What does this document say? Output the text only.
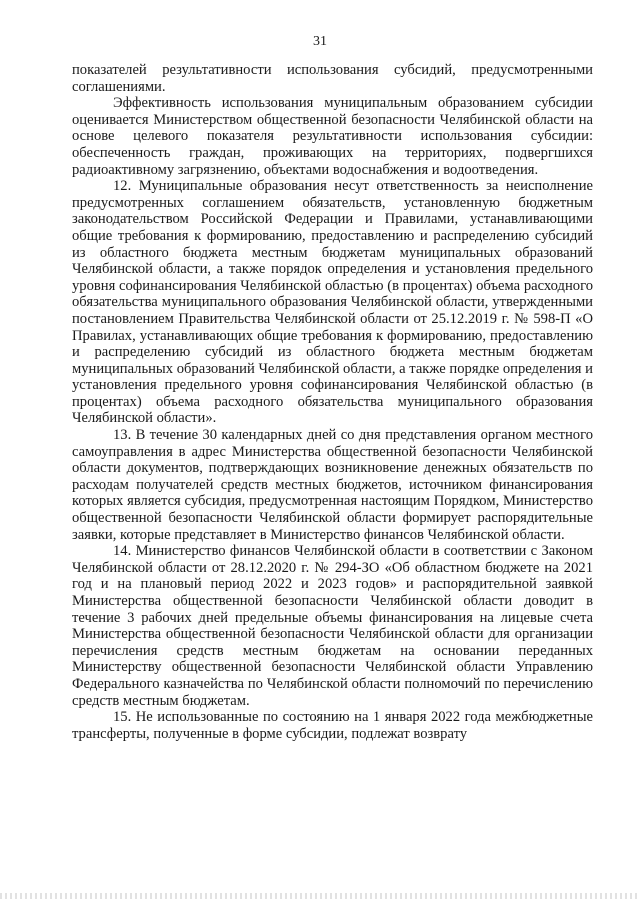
31

показателей результативности использования субсидий, предусмотренными соглашениями.

Эффективность использования муниципальным образованием субсидии оценивается Министерством общественной безопасности Челябинской области на основе целевого показателя результативности использования субсидии: обеспеченность граждан, проживающих на территориях, подвергшихся радиоактивному загрязнению, объектами водоснабжения и водоотведения.

12. Муниципальные образования несут ответственность за неисполнение предусмотренных соглашением обязательств, установленную бюджетным законодательством Российской Федерации и Правилами, устанавливающими общие требования к формированию, предоставлению и распределению субсидий из областного бюджета местным бюджетам муниципальных образований Челябинской области, а также порядок определения и установления предельного уровня софинансирования Челябинской областью (в процентах) объема расходного обязательства муниципального образования Челябинской области, утвержденными постановлением Правительства Челябинской области от 25.12.2019 г. № 598-П «О Правилах, устанавливающих общие требования к формированию, предоставлению и распределению субсидий из областного бюджета местным бюджетам муниципальных образований Челябинской области, а также порядке определения и установления предельного уровня софинансирования Челябинской областью (в процентах) объема расходного обязательства муниципального образования Челябинской области».

13. В течение 30 календарных дней со дня представления органом местного самоуправления в адрес Министерства общественной безопасности Челябинской области документов, подтверждающих возникновение денежных обязательств по расходам получателей средств местных бюджетов, источником финансирования которых является субсидия, предусмотренная настоящим Порядком, Министерство общественной безопасности Челябинской области формирует распорядительные заявки, которые представляет в Министерство финансов Челябинской области.

14. Министерство финансов Челябинской области в соответствии с Законом Челябинской области от 28.12.2020 г. № 294-ЗО «Об областном бюджете на 2021 год и на плановый период 2022 и 2023 годов» и распорядительной заявкой Министерства общественной безопасности Челябинской области доводит в течение 3 рабочих дней предельные объемы финансирования на лицевые счета Министерства общественной безопасности Челябинской области для организации перечисления средств местным бюджетам на основании переданных Министерству общественной безопасности Челябинской области Управлению Федерального казначейства по Челябинской области полномочий по перечислению средств местным бюджетам.

15. Не использованные по состоянию на 1 января 2022 года межбюджетные трансферты, полученные в форме субсидии, подлежат возврату
